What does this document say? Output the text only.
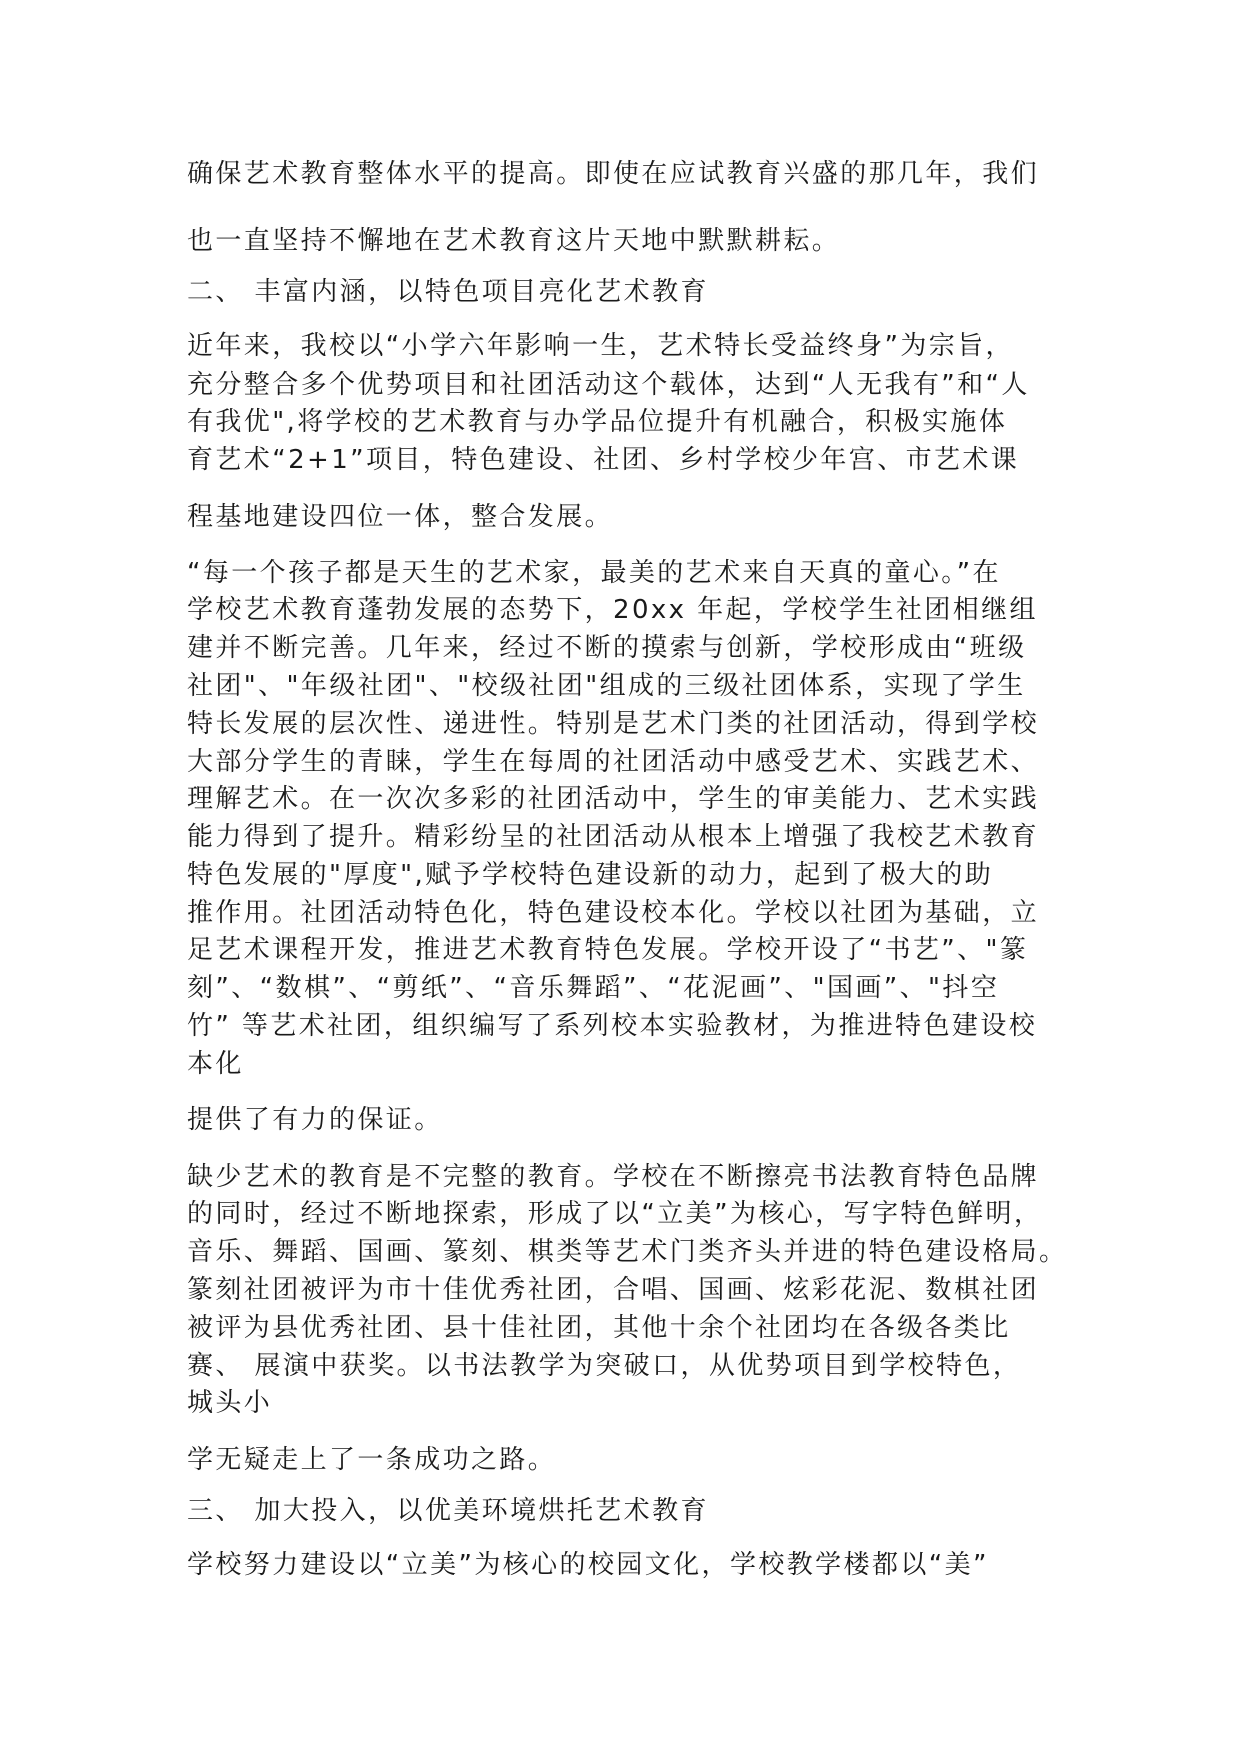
确保艺术教育整体水平的提高。即使在应试教育兴盛的那几年，我们

也一直坚持不懈地在艺术教育这片天地中默默耕耘。

二、 丰富内涵，以特色项目亮化艺术教育

近年来，我校以“小学六年影响一生，艺术特长受益终身”为宗旨，

充分整合多个优势项目和社团活动这个载体，达到“人无我有”和“人

有我优",将学校的艺术教育与办学品位提升有机融合，积极实施体

育艺术“2+1”项目，特色建设、社团、乡村学校少年宫、市艺术课

程基地建设四位一体，整合发展。

“每一个孩子都是天生的艺术家，最美的艺术来自天真的童心。”在

学校艺术教育蓬勃发展的态势下，20xx 年起，学校学生社团相继组

建并不断完善。几年来，经过不断的摸索与创新，学校形成由“班级

社团"、"年级社团"、"校级社团"组成的三级社团体系，实现了学生

特长发展的层次性、递进性。特别是艺术门类的社团活动，得到学校

大部分学生的青睐，学生在每周的社团活动中感受艺术、实践艺术、

理解艺术。在一次次多彩的社团活动中，学生的审美能力、艺术实践

能力得到了提升。精彩纷呈的社团活动从根本上增强了我校艺术教育

特色发展的"厚度",赋予学校特色建设新的动力，起到了极大的助

推作用。社团活动特色化，特色建设校本化。学校以社团为基础，立

足艺术课程开发，推进艺术教育特色发展。学校开设了“书艺”、"篆

刻”、“数棋”、“剪纸”、“音乐舞蹈”、“花泥画”、"国画”、"抖空

竹” 等艺术社团，组织编写了系列校本实验教材，为推进特色建设校

本化

提供了有力的保证。

缺少艺术的教育是不完整的教育。学校在不断擦亮书法教育特色品牌

的同时，经过不断地探索，形成了以“立美”为核心，写字特色鲜明，

音乐、舞蹈、国画、篆刻、棋类等艺术门类齐头并进的特色建设格局。

篆刻社团被评为市十佳优秀社团，合唱、国画、炫彩花泥、数棋社团

被评为县优秀社团、县十佳社团，其他十余个社团均在各级各类比

赛、 展演中获奖。以书法教学为突破口，从优势项目到学校特色，

城头小

学无疑走上了一条成功之路。

三、 加大投入，以优美环境烘托艺术教育

学校努力建设以“立美”为核心的校园文化，学校教学楼都以“美”
